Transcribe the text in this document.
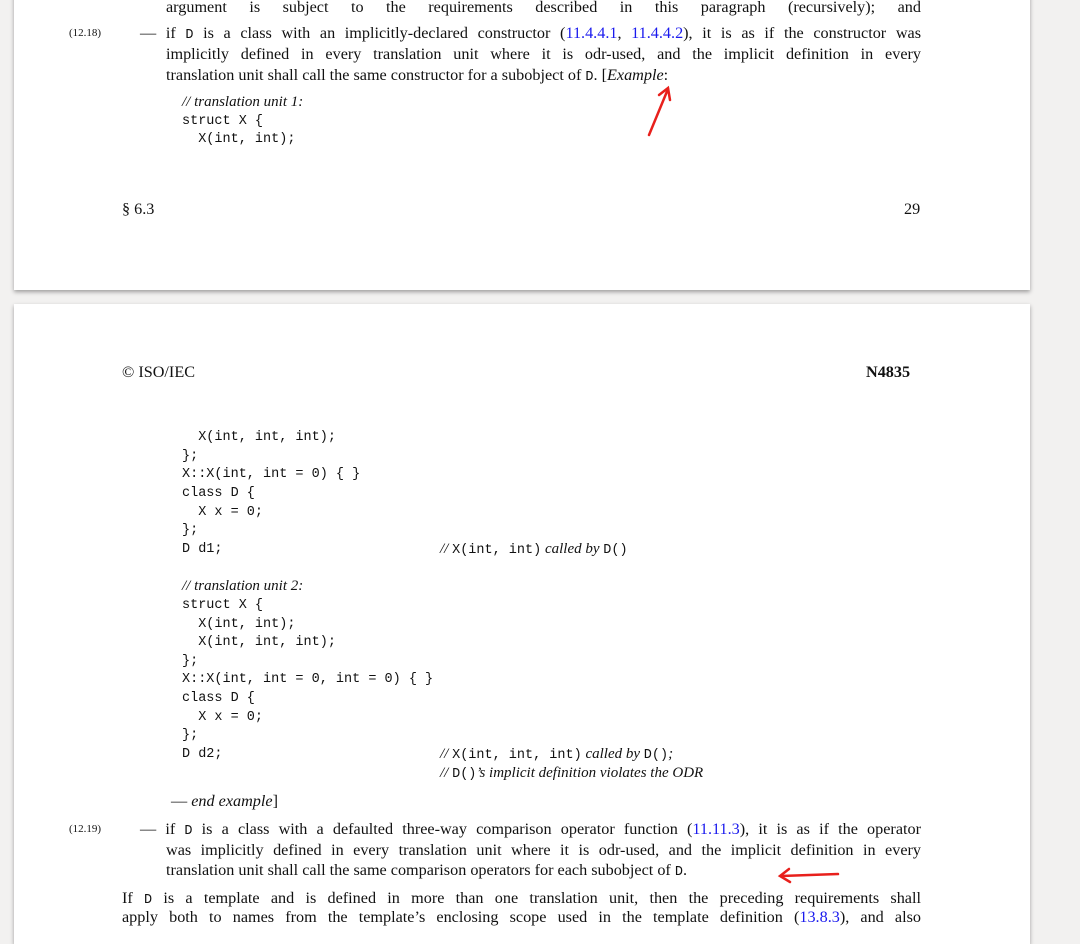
argument is subject to the requirements described in this paragraph (recursively); and
(12.18) — if D is a class with an implicitly-declared constructor (11.4.4.1, 11.4.4.2), it is as if the constructor was
implicitly defined in every translation unit where it is odr-used, and the implicit definition in every
translation unit shall call the same constructor for a subobject of D. [Example:
// translation unit 1:
struct X {
X(int, int);
§ 6.3	29
© ISO/IEC	N4835
X(int, int, int);
};
X::X(int, int = 0) { }
class D {
X x = 0;
};
D d1;
// translation unit 2:
struct X {
X(int, int);
X(int, int, int);
};
X::X(int, int = 0, int = 0) { }
class D {
X x = 0;
};
D d2;
// X(int, int) called by D()
// X(int, int, int) called by D();
// D()’s implicit definition violates the ODR
— end example]
(12.19) — if D is a class with a defaulted three-way comparison operator function (11.11.3), it is as if the operator
was implicitly defined in every translation unit where it is odr-used, and the implicit definition in every
translation unit shall call the same comparison operators for each subobject of D.
If D is a template and is defined in more than one translation unit, then the preceding requirements shall
apply both to names from the template’s enclosing scope used in the template definition (13.8.3), and also
